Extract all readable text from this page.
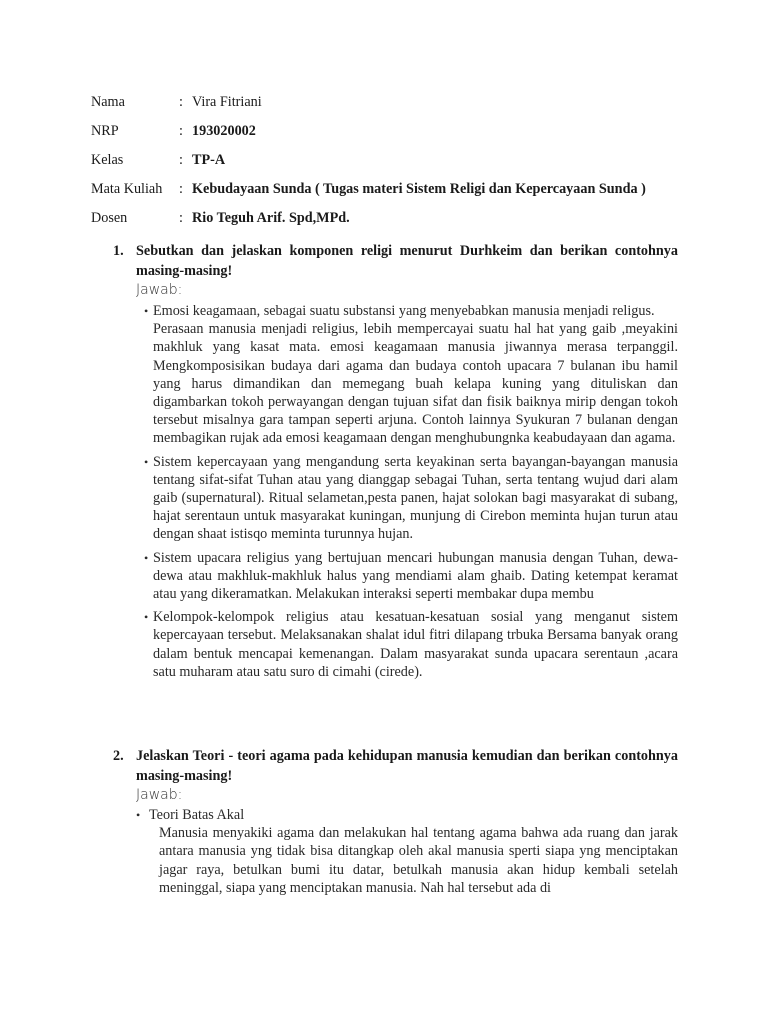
Nama	: Vira Fitriani
NRP	: 193020002
Kelas	: TP-A
Mata Kuliah : Kebudayaan Sunda ( Tugas materi Sistem Religi dan Kepercayaan Sunda )
Dosen	: Rio Teguh Arif. Spd,MPd.
1. Sebutkan dan jelaskan komponen religi menurut Durhkeim dan berikan contohnya masing-masing!
Jawab:
• Emosi keagamaan, sebagai suatu substansi yang menyebabkan manusia menjadi religus.

Perasaan manusia menjadi religius, lebih mempercayai suatu hal hat yang gaib ,meyakini makhluk yang kasat mata. emosi keagamaan manusia jiwannya merasa terpanggil. Mengkomposisikan budaya dari agama dan budaya contoh upacara 7 bulanan ibu hamil yang harus dimandikan dan memegang buah kelapa kuning yang dituliskan dan digambarkan tokoh perwayangan dengan tujuan sifat dan fisik baiknya mirip dengan tokoh tersebut misalnya gara tampan seperti arjuna. Contoh lainnya Syukuran 7 bulanan dengan membagikan rujak ada emosi keagamaan dengan menghubungnka keabudayaan dan agama.

• Sistem kepercayaan yang mengandung serta keyakinan serta bayangan-bayangan manusia tentang sifat-sifat Tuhan atau yang dianggap sebagai Tuhan, serta tentang wujud dari alam gaib (supernatural). Ritual selametan,pesta panen, hajat solokan bagi masyarakat di subang, hajat serentaun untuk masyarakat kuningan, munjung di Cirebon meminta hujan turun atau dengan shaat istisqo meminta turunnya hujan.

• Sistem upacara religius yang bertujuan mencari hubungan manusia dengan Tuhan, dewa-dewa atau makhluk-makhluk halus yang mendiami alam ghaib. Dating ketempat keramat atau yang dikeramatkan. Melakukan interaksi seperti membakar dupa membu

• Kelompok-kelompok religius atau kesatuan-kesatuan sosial yang menganut sistem kepercayaan tersebut. Melaksanakan shalat idul fitri dilapang trbuka Bersama banyak orang dalam bentuk mencapai kemenangan. Dalam masyarakat sunda upacara serentaun ,acara satu muharam atau satu suro di cimahi (cirede).

2. Jelaskan Teori - teori agama pada kehidupan manusia kemudian dan berikan contohnya masing-masing!
Jawab:
• Teori Batas Akal
Manusia menyakiki agama dan melakukan hal tentang agama bahwa ada ruang dan jarak antara manusia yng tidak bisa ditangkap oleh akal manusia sperti siapa yng menciptakan jagar raya, betulkan bumi itu datar, betulkah manusia akan hidup kembali setelah meninggal, siapa yang menciptakan manusia. Nah hal tersebut ada di
